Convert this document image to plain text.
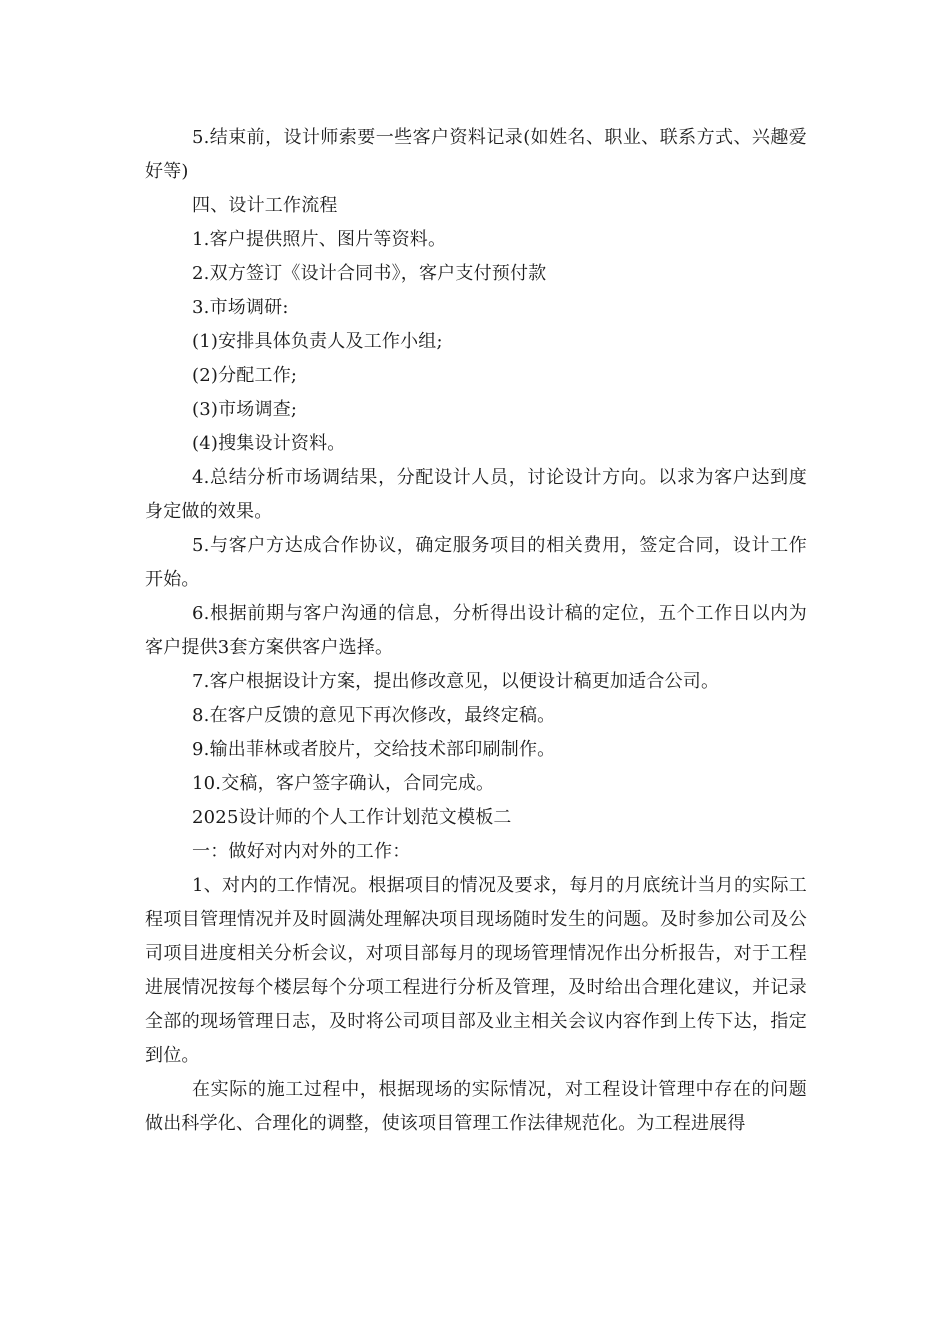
5.结束前，设计师索要一些客户资料记录(如姓名、职业、联系方式、兴趣爱好等)

四、设计工作流程

1.客户提供照片、图片等资料。

2.双方签订《设计合同书》，客户支付预付款

3.市场调研:

(1)安排具体负责人及工作小组;

(2)分配工作;

(3)市场调查;

(4)搜集设计资料。

4.总结分析市场调结果，分配设计人员，讨论设计方向。以求为客户达到度身定做的效果。

5.与客户方达成合作协议，确定服务项目的相关费用，签定合同，设计工作开始。

6.根据前期与客户沟通的信息，分析得出设计稿的定位，五个工作日以内为客户提供3套方案供客户选择。

7.客户根据设计方案，提出修改意见，以便设计稿更加适合公司。

8.在客户反馈的意见下再次修改，最终定稿。

9.输出菲林或者胶片，交给技术部印刷制作。

10.交稿，客户签字确认，合同完成。

2025设计师的个人工作计划范文模板二

一：做好对内对外的工作：

1、对内的工作情况。根据项目的情况及要求，每月的月底统计当月的实际工程项目管理情况并及时圆满处理解决项目现场随时发生的问题。及时参加公司及公司项目进度相关分析会议，对项目部每月的现场管理情况作出分析报告，对于工程进展情况按每个楼层每个分项工程进行分析及管理，及时给出合理化建议，并记录全部的现场管理日志，及时将公司项目部及业主相关会议内容作到上传下达，指定到位。

在实际的施工过程中，根据现场的实际情况，对工程设计管理中存在的问题做出科学化、合理化的调整，使该项目管理工作法律规范化。为工程进展得
